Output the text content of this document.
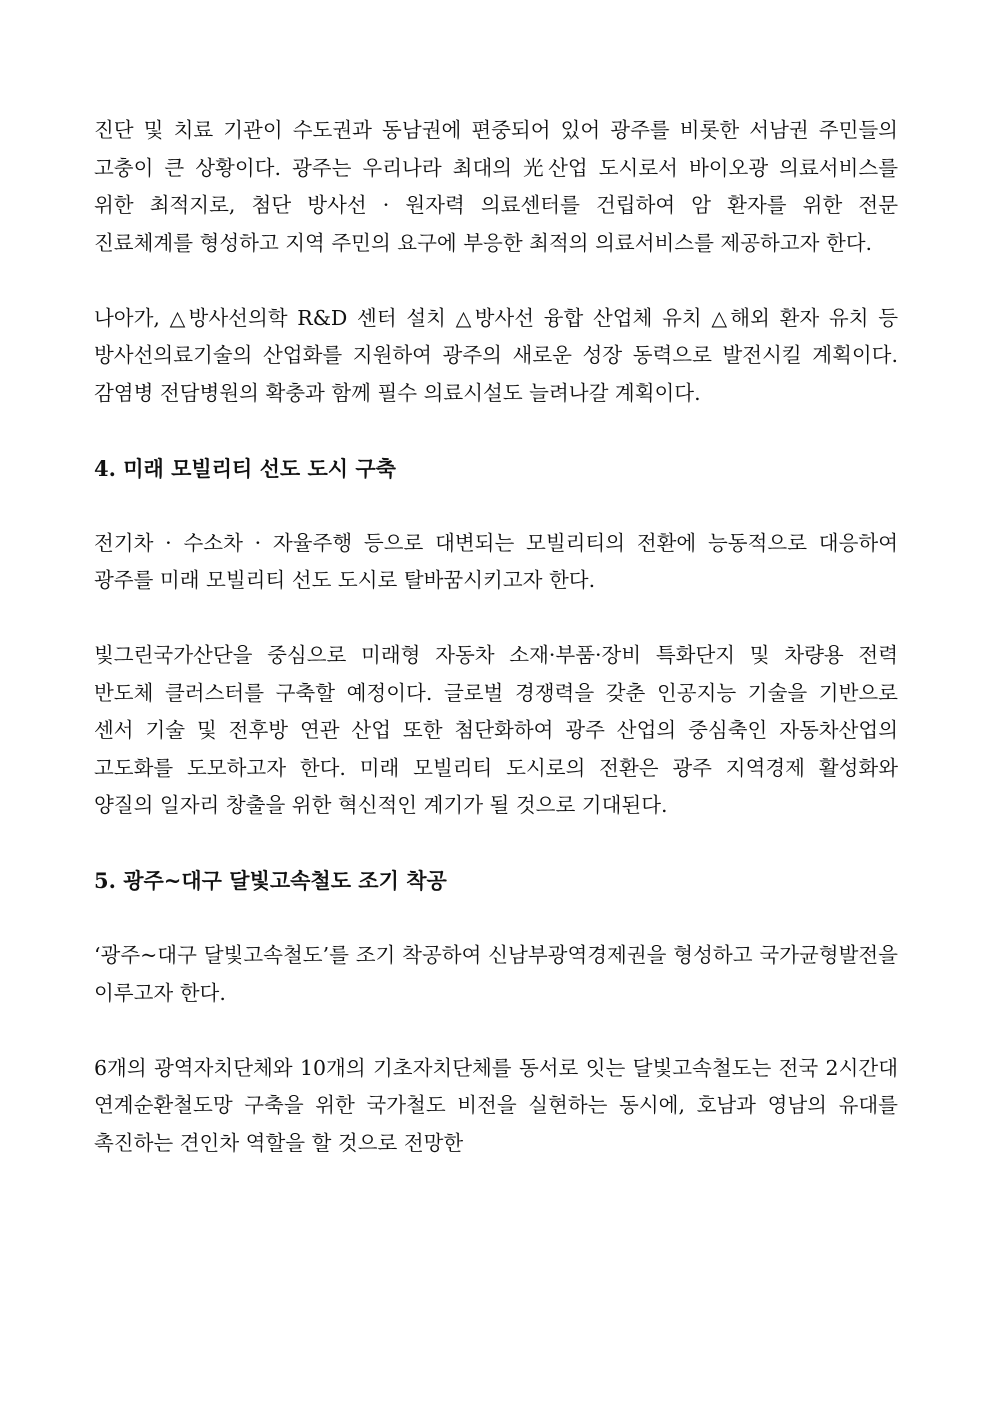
진단 및 치료 기관이 수도권과 동남권에 편중되어 있어 광주를 비롯한 서남권 주민들의 고충이 큰 상황이다. 광주는 우리나라 최대의 光산업 도시로서 바이오광 의료서비스를 위한 최적지로, 첨단 방사선 · 원자력 의료센터를 건립하여 암 환자를 위한 전문 진료체계를 형성하고 지역 주민의 요구에 부응한 최적의 의료서비스를 제공하고자 한다.

나아가, △방사선의학 R&D 센터 설치 △방사선 융합 산업체 유치 △해외 환자 유치 등 방사선의료기술의 산업화를 지원하여 광주의 새로운 성장 동력으로 발전시킬 계획이다. 감염병 전담병원의 확충과 함께 필수 의료시설도 늘려나갈 계획이다.

4. 미래 모빌리티 선도 도시 구축

전기차 · 수소차 · 자율주행 등으로 대변되는 모빌리티의 전환에 능동적으로 대응하여 광주를 미래 모빌리티 선도 도시로 탈바꿈시키고자 한다.

빛그린국가산단을 중심으로 미래형 자동차 소재·부품·장비 특화단지 및 차량용 전력 반도체 클러스터를 구축할 예정이다. 글로벌 경쟁력을 갖춘 인공지능 기술을 기반으로 센서 기술 및 전후방 연관 산업 또한 첨단화하여 광주 산업의 중심축인 자동차산업의 고도화를 도모하고자 한다. 미래 모빌리티 도시로의 전환은 광주 지역경제 활성화와 양질의 일자리 창출을 위한 혁신적인 계기가 될 것으로 기대된다.

5. 광주~대구 달빛고속철도 조기 착공

‘광주~대구 달빛고속철도’를 조기 착공하여 신남부광역경제권을 형성하고 국가균형발전을 이루고자 한다.

6개의 광역자치단체와 10개의 기초자치단체를 동서로 잇는 달빛고속철도는 전국 2시간대 연계순환철도망 구축을 위한 국가철도 비전을 실현하는 동시에, 호남과 영남의 유대를 촉진하는 견인차 역할을 할 것으로 전망한
